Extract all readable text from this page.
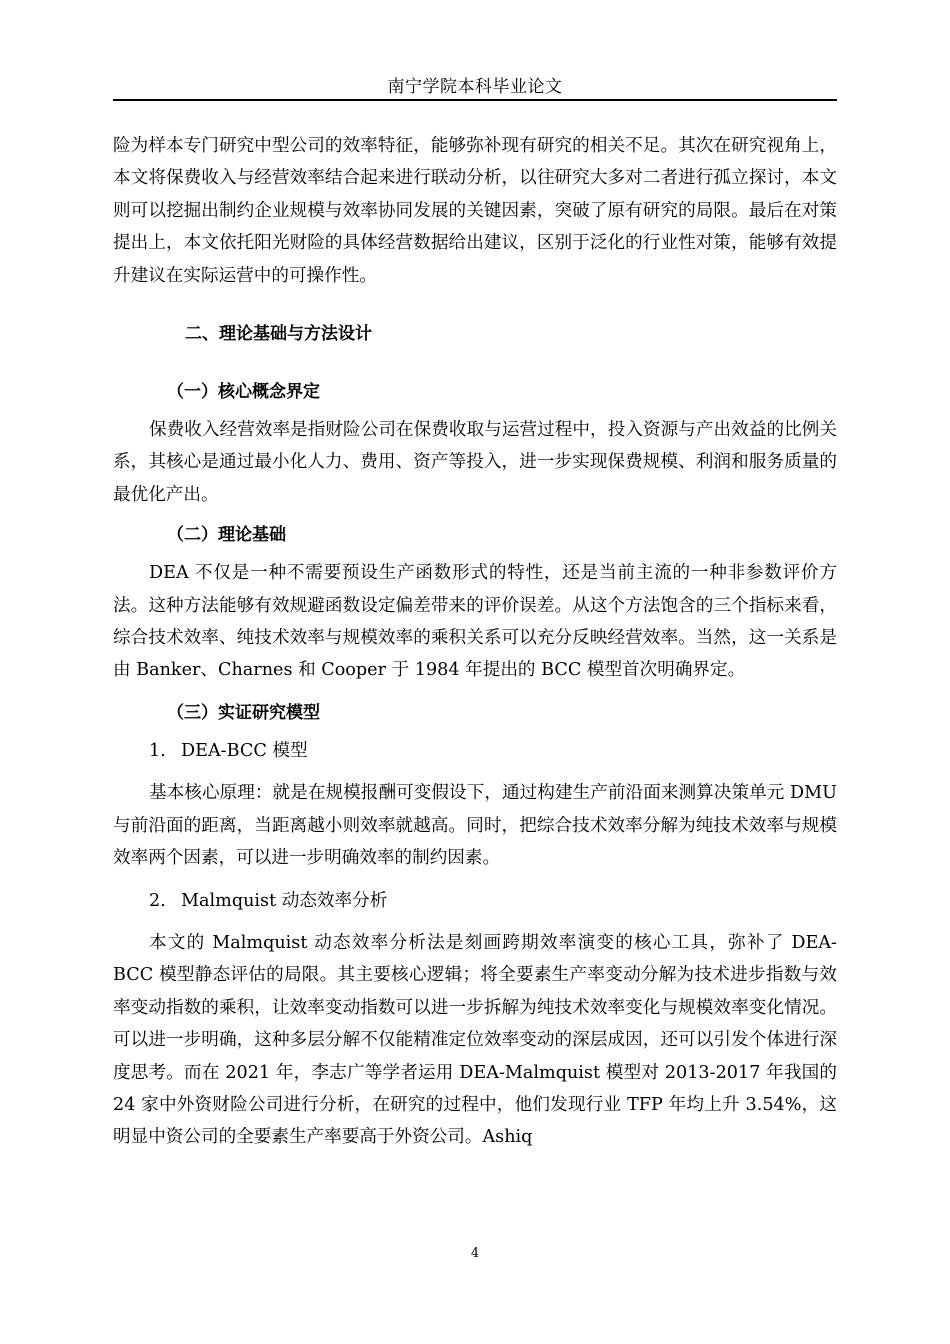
南宁学院本科毕业论文

险为样本专门研究中型公司的效率特征，能够弥补现有研究的相关不足。其次在研究视角上，本文将保费收入与经营效率结合起来进行联动分析，以往研究大多对二者进行孤立探讨，本文则可以挖掘出制约企业规模与效率协同发展的关键因素，突破了原有研究的局限。最后在对策提出上，本文依托阳光财险的具体经营数据给出建议，区别于泛化的行业性对策，能够有效提升建议在实际运营中的可操作性。

二、理论基础与方法设计
（一）核心概念界定

保费收入经营效率是指财险公司在保费收取与运营过程中，投入资源与产出效益的比例关系，其核心是通过最小化人力、费用、资产等投入，进一步实现保费规模、利润和服务质量的最优化产出。

（二）理论基础

DEA 不仅是一种不需要预设生产函数形式的特性，还是当前主流的一种非参数评价方法。这种方法能够有效规避函数设定偏差带来的评价误差。从这个方法饱含的三个指标来看，综合技术效率、纯技术效率与规模效率的乘积关系可以充分反映经营效率。当然，这一关系是由 Banker、Charnes 和 Cooper 于 1984 年提出的 BCC 模型首次明确界定。

（三）实证研究模型
1. DEA-BCC 模型

基本核心原理：就是在规模报酬可变假设下，通过构建生产前沿面来测算决策单元 DMU 与前沿面的距离，当距离越小则效率就越高。同时，把综合技术效率分解为纯技术效率与规模效率两个因素，可以进一步明确效率的制约因素。

2. Malmquist 动态效率分析

本文的 Malmquist 动态效率分析法是刻画跨期效率演变的核心工具，弥补了 DEA-BCC 模型静态评估的局限。其主要核心逻辑；将全要素生产率变动分解为技术进步指数与效率变动指数的乘积，让效率变动指数可以进一步拆解为纯技术效率变化与规模效率变化情况。可以进一步明确，这种多层分解不仅能精准定位效率变动的深层成因，还可以引发个体进行深度思考。而在 2021 年，李志广等学者运用 DEA-Malmquist 模型对 2013-2017 年我国的 24 家中外资财险公司进行分析，在研究的过程中，他们发现行业 TFP 年均上升 3.54%，这明显中资公司的全要素生产率要高于外资公司。Ashiq

4
